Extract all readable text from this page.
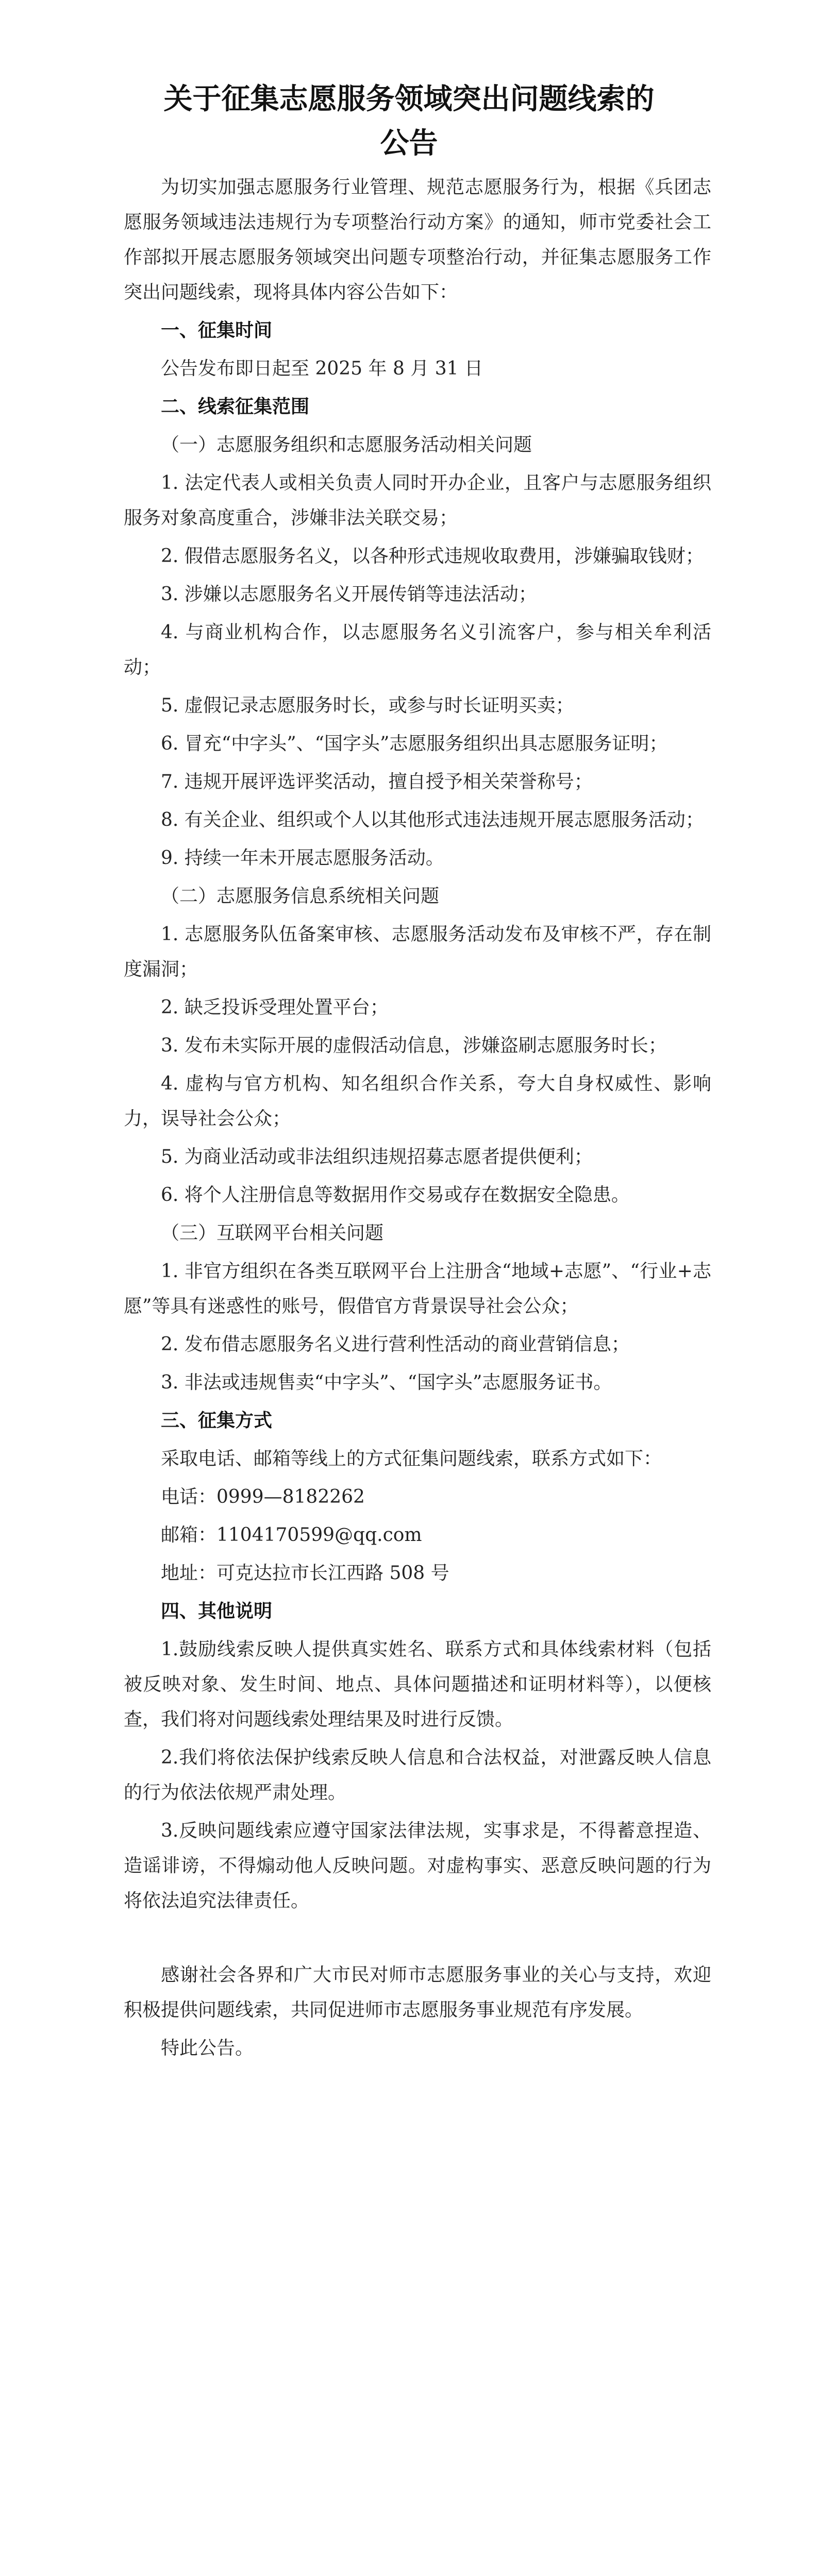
关于征集志愿服务领域突出问题线索的
公告

为切实加强志愿服务行业管理、规范志愿服务行为，根据《兵团志愿服务领域违法违规行为专项整治行动方案》的通知，师市党委社会工作部拟开展志愿服务领域突出问题专项整治行动，并征集志愿服务工作突出问题线索，现将具体内容公告如下：

一、征集时间

公告发布即日起至 2025 年 8 月 31 日

二、线索征集范围
（一）志愿服务组织和志愿服务活动相关问题

1. 法定代表人或相关负责人同时开办企业，且客户与志愿服务组织服务对象高度重合，涉嫌非法关联交易；

2. 假借志愿服务名义，以各种形式违规收取费用，涉嫌骗取钱财；

3. 涉嫌以志愿服务名义开展传销等违法活动；

4. 与商业机构合作，以志愿服务名义引流客户，参与相关牟利活动；

5. 虚假记录志愿服务时长，或参与时长证明买卖；

6. 冒充“中字头”、“国字头”志愿服务组织出具志愿服务证明；

7. 违规开展评选评奖活动，擅自授予相关荣誉称号；

8. 有关企业、组织或个人以其他形式违法违规开展志愿服务活动；

9. 持续一年未开展志愿服务活动。

（二）志愿服务信息系统相关问题

1. 志愿服务队伍备案审核、志愿服务活动发布及审核不严，存在制度漏洞；

2. 缺乏投诉受理处置平台；

3. 发布未实际开展的虚假活动信息，涉嫌盗刷志愿服务时长；

4. 虚构与官方机构、知名组织合作关系，夸大自身权威性、影响力，误导社会公众；

5. 为商业活动或非法组织违规招募志愿者提供便利；

6. 将个人注册信息等数据用作交易或存在数据安全隐患。

（三）互联网平台相关问题

1. 非官方组织在各类互联网平台上注册含“地域+志愿”、“行业+志愿”等具有迷惑性的账号，假借官方背景误导社会公众；

2. 发布借志愿服务名义进行营利性活动的商业营销信息；

3. 非法或违规售卖“中字头”、“国字头”志愿服务证书。

三、征集方式

采取电话、邮箱等线上的方式征集问题线索，联系方式如下：

电话：0999—8182262

邮箱：1104170599@qq.com

地址：可克达拉市长江西路 508 号

四、其他说明

1.鼓励线索反映人提供真实姓名、联系方式和具体线索材料（包括被反映对象、发生时间、地点、具体问题描述和证明材料等），以便核查，我们将对问题线索处理结果及时进行反馈。

2.我们将依法保护线索反映人信息和合法权益，对泄露反映人信息的行为依法依规严肃处理。

3.反映问题线索应遵守国家法律法规，实事求是，不得蓄意捏造、造谣诽谤，不得煽动他人反映问题。对虚构事实、恶意反映问题的行为将依法追究法律责任。

感谢社会各界和广大市民对师市志愿服务事业的关心与支持，欢迎积极提供问题线索，共同促进师市志愿服务事业规范有序发展。

特此公告。
